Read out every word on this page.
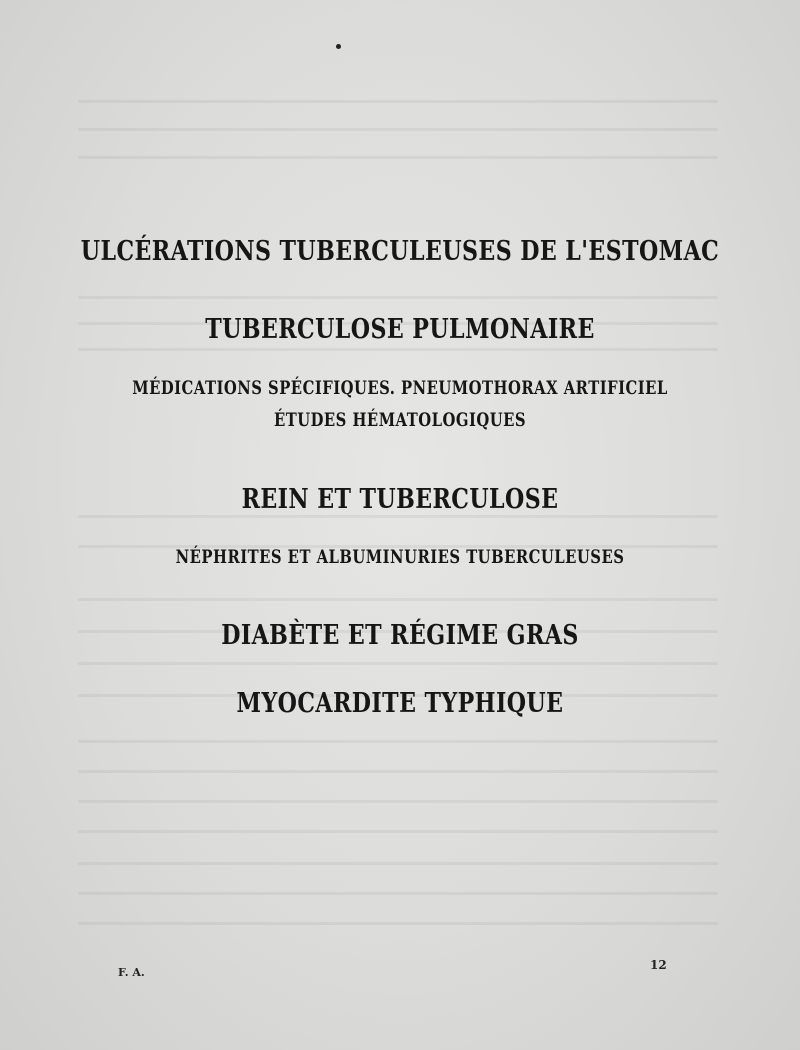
ULCÉRATIONS TUBERCULEUSES DE L'ESTOMAC
TUBERCULOSE PULMONAIRE
MÉDICATIONS SPÉCIFIQUES. PNEUMOTHORAX ARTIFICIEL
ÉTUDES HÉMATOLOGIQUES
REIN ET TUBERCULOSE
NÉPHRITES ET ALBUMINURIES TUBERCULEUSES
DIABÈTE ET RÉGIME GRAS
MYOCARDITE TYPHIQUE

F. A.

12
